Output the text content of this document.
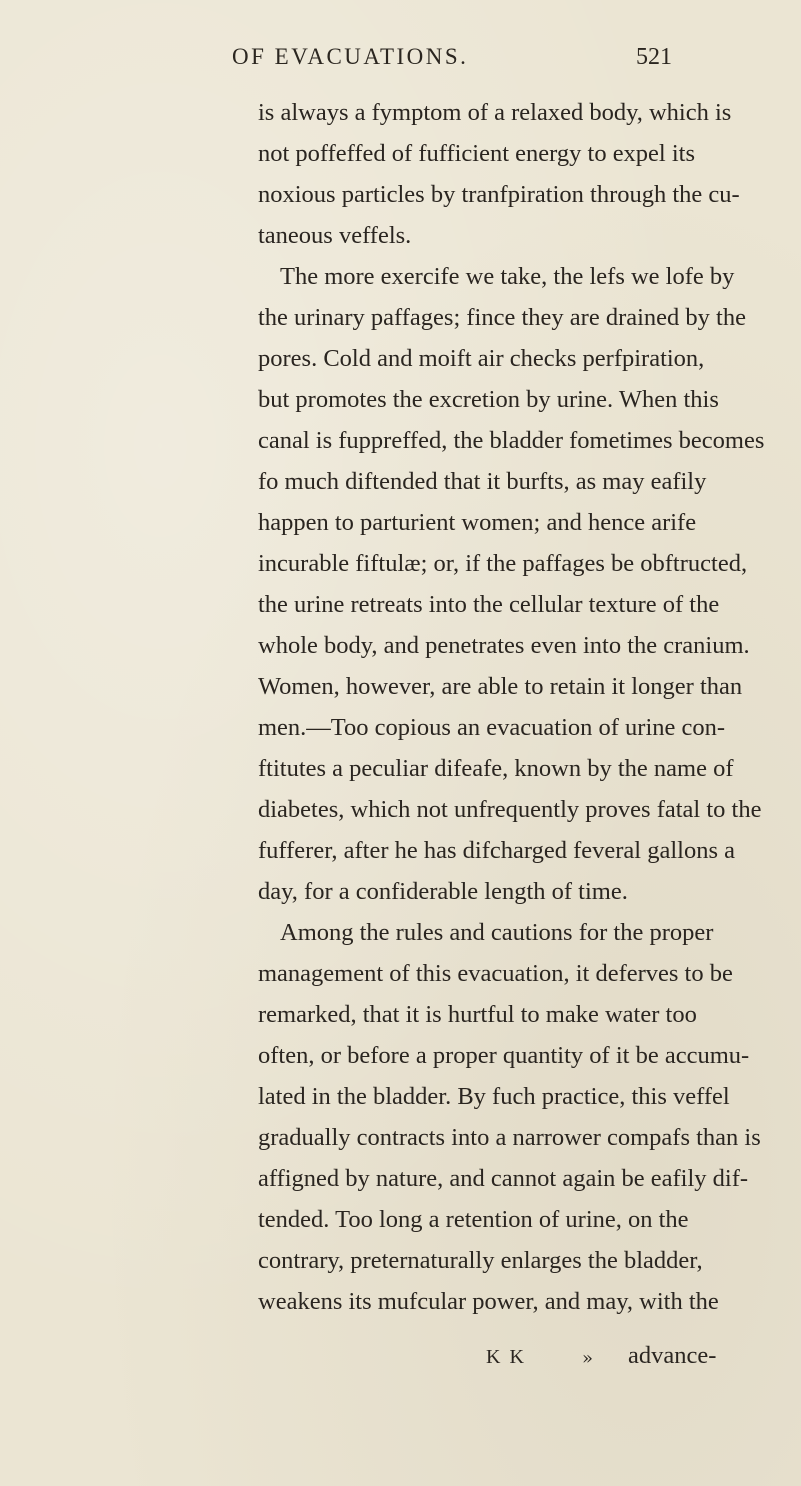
OF EVACUATIONS.	521
is always a fymptom of a relaxed body, which is
not poffeffed of fufficient energy to expel its
noxious particles by tranfpiration through the cu-
taneous veffels.
The more exercife we take, the lefs we lofe by
the urinary paffages; fince they are drained by the
pores. Cold and moift air checks perfpiration,
but promotes the excretion by urine. When this
canal is fuppreffed, the bladder fometimes becomes
fo much diftended that it burfts, as may eafily
happen to parturient women; and hence arife
incurable fiftulæ; or, if the paffages be obftructed,
the urine retreats into the cellular texture of the
whole body, and penetrates even into the cranium.
Women, however, are able to retain it longer than
men.—Too copious an evacuation of urine con-
ftitutes a peculiar difeafe, known by the name of
diabetes, which not unfrequently proves fatal to the
fufferer, after he has difcharged feveral gallons a
day, for a confiderable length of time.
Among the rules and cautions for the proper
management of this evacuation, it deferves to be
remarked, that it is hurtful to make water too
often, or before a proper quantity of it be accumu-
lated in the bladder. By fuch practice, this veffel
gradually contracts into a narrower compafs than is
affigned by nature, and cannot again be eafily dif-
tended. Too long a retention of urine, on the
contrary, preternaturally enlarges the bladder,
weakens its mufcular power, and may, with the
K K	» advance-
